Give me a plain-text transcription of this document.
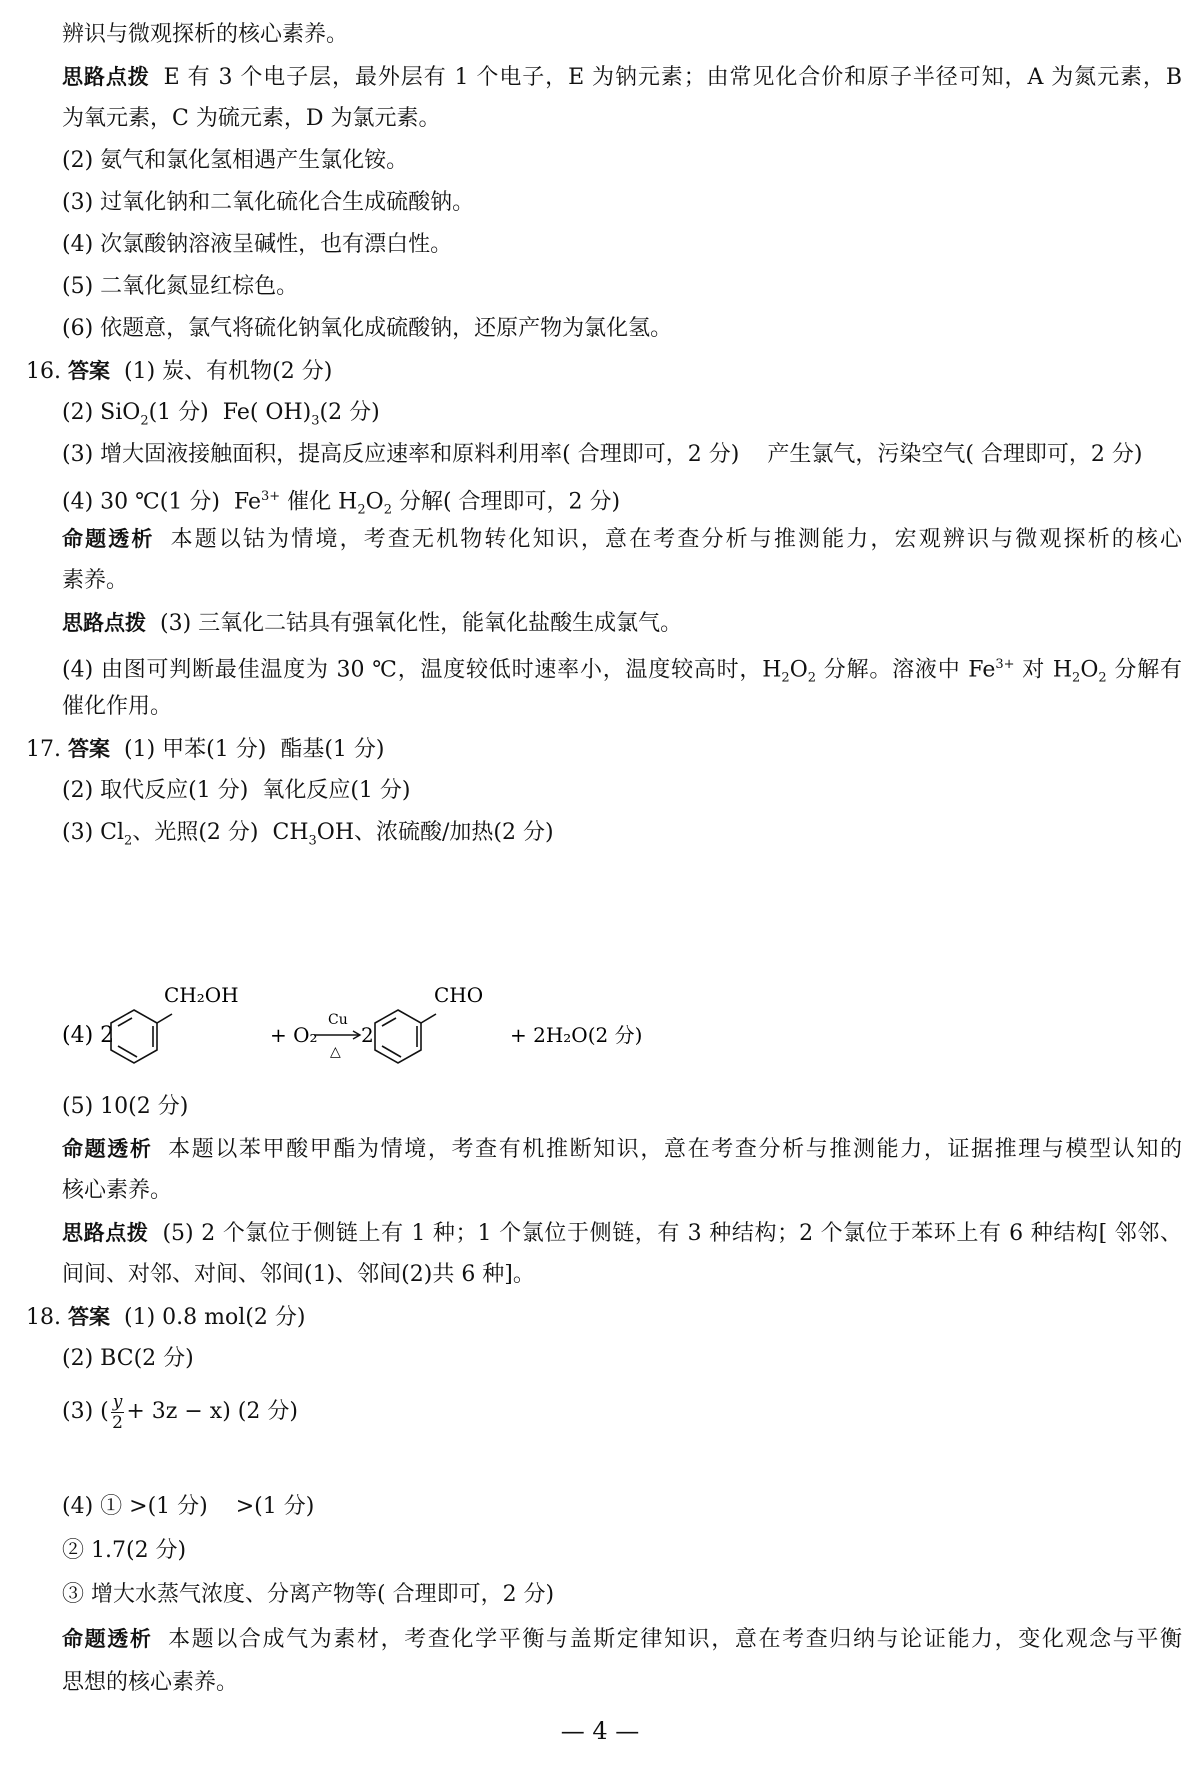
辨识与微观探析的核心素养。
思路点拨 E 有 3 个电子层，最外层有 1 个电子，E 为钠元素；由常见化合价和原子半径可知，A 为氮元素，B
为氧元素，C 为硫元素，D 为氯元素。
(2) 氨气和氯化氢相遇产生氯化铵。
(3) 过氧化钠和二氧化硫化合生成硫酸钠。
(4) 次氯酸钠溶液呈碱性，也有漂白性。
(5) 二氧化氮显红棕色。
(6) 依题意，氯气将硫化钠氧化成硫酸钠，还原产物为氯化氢。
16. 答案 (1) 炭、有机物(2 分)
(2) SiO$_2$(1 分) Fe( $OH)_3(2$ 分)
(3) 增大固液接触面积，提高反应速率和原料利用率( 合理即可，2 分) 产生氯气，污染空气( 合理即可，2 分)
(4) 30 ℃(1 分) $Fe^{3+}$ 催化 $H_2O_2$ 分解( 合理即可，2 分)
命题透析 本题以钴为情境，考查无机物转化知识，意在考查分析与推测能力，宏观辨识与微观探析的核心
素养。
思路点拨 (3) 三氧化二钴具有强氧化性，能氧化盐酸生成氯气。
(4) 由图可判断最佳温度为 30 ℃，温度较低时速率小，温度较高时，$H_2O_2$ 分解。溶液中 $Fe^{3+}$ 对 $H_2O_2$ 分解有
催化作用。
17. 答案 (1) 甲苯(1 分) 酯基(1 分)
(2) 取代反应(1 分) 氧化反应(1 分)
(3) $Cl_2$、光照(2 分) $CH_3OH$、浓硫酸/加热(2 分)
(4) 2
CH₂OH
+ O₂
Cu
△
2
CHO
+ 2H₂O(2 分)
(5) 10(2 分)
命题透析 本题以苯甲酸甲酯为情境，考查有机推断知识，意在考查分析与推测能力，证据推理与模型认知的
核心素养。
思路点拨 (5) 2 个氯位于侧链上有 1 种；1 个氯位于侧链，有 3 种结构；2 个氯位于苯环上有 6 种结构[ 邻邻、
间间、对邻、对间、邻间(1)、邻间(2)共 6 种]。
18. 答案 (1) 0.8 mol(2 分)
(2) BC(2 分)
(3) ( $\frac{y}{2} + 3z - x$) (2 分)
(4) ① >(1 分) >(1 分)
② 1.7(2 分)
③ 增大水蒸气浓度、分离产物等( 合理即可，2 分)
命题透析 本题以合成气为素材，考查化学平衡与盖斯定律知识，意在考查归纳与论证能力，变化观念与平衡
思想的核心素养。
— 4 —
